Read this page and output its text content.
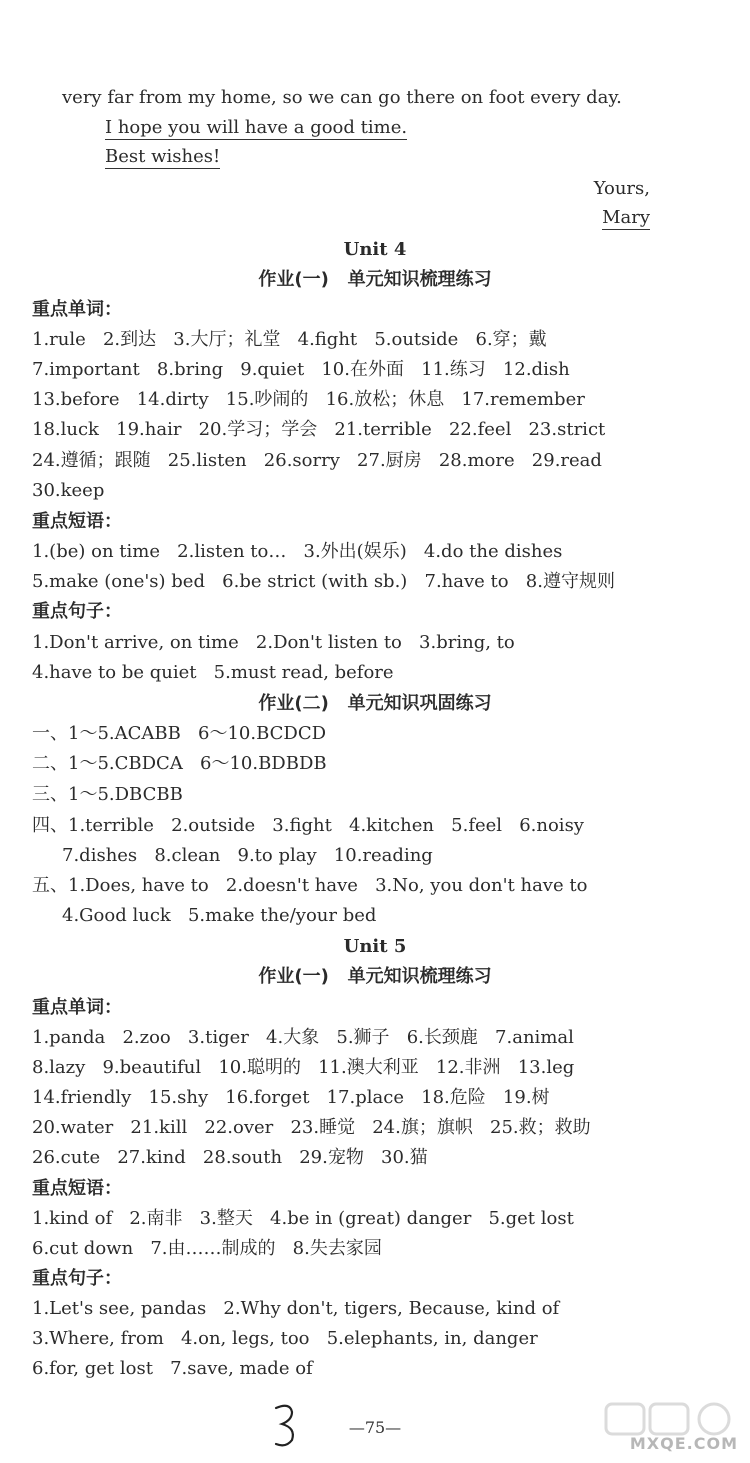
very far from my home, so we can go there on foot every day.
I hope you will have a good time.
Best wishes!
Yours,
Mary
Unit 4
作业(一)   单元知识梳理练习
重点单词：
1.rule   2.到达   3.大厅；礼堂   4.fight   5.outside   6.穿；戴
7.important   8.bring   9.quiet   10.在外面   11.练习   12.dish
13.before   14.dirty   15.吵闹的   16.放松；休息   17.remember
18.luck   19.hair   20.学习；学会   21.terrible   22.feel   23.strict
24.遵循；跟随   25.listen   26.sorry   27.厨房   28.more   29.read
30.keep
重点短语：
1.(be) on time   2.listen to…   3.外出(娱乐)   4.do the dishes
5.make (one's) bed   6.be strict (with sb.)   7.have to   8.遵守规则
重点句子：
1.Don't arrive, on time   2.Don't listen to   3.bring, to
4.have to be quiet   5.must read, before
作业(二)   单元知识巩固练习
一、1～5.ACABB   6～10.BCDCD
二、1～5.CBDCA   6～10.BDBDB
三、1～5.DBCBB
四、1.terrible   2.outside   3.fight   4.kitchen   5.feel   6.noisy
7.dishes   8.clean   9.to play   10.reading
五、1.Does, have to   2.doesn't have   3.No, you don't have to
4.Good luck   5.make the/your bed
Unit 5
作业(一)   单元知识梳理练习
重点单词：
1.panda   2.zoo   3.tiger   4.大象   5.狮子   6.长颈鹿   7.animal
8.lazy   9.beautiful   10.聪明的   11.澳大利亚   12.非洲   13.leg
14.friendly   15.shy   16.forget   17.place   18.危险   19.树
20.water   21.kill   22.over   23.睡觉   24.旗；旗帜   25.救；救助
26.cute   27.kind   28.south   29.宠物   30.猫
重点短语：
1.kind of   2.南非   3.整天   4.be in (great) danger   5.get lost
6.cut down   7.由……制成的   8.失去家园
重点句子：
1.Let's see, pandas   2.Why don't, tigers, Because, kind of
3.Where, from   4.on, legs, too   5.elephants, in, danger
6.for, get lost   7.save, made of
—75—
MXQE.COM
